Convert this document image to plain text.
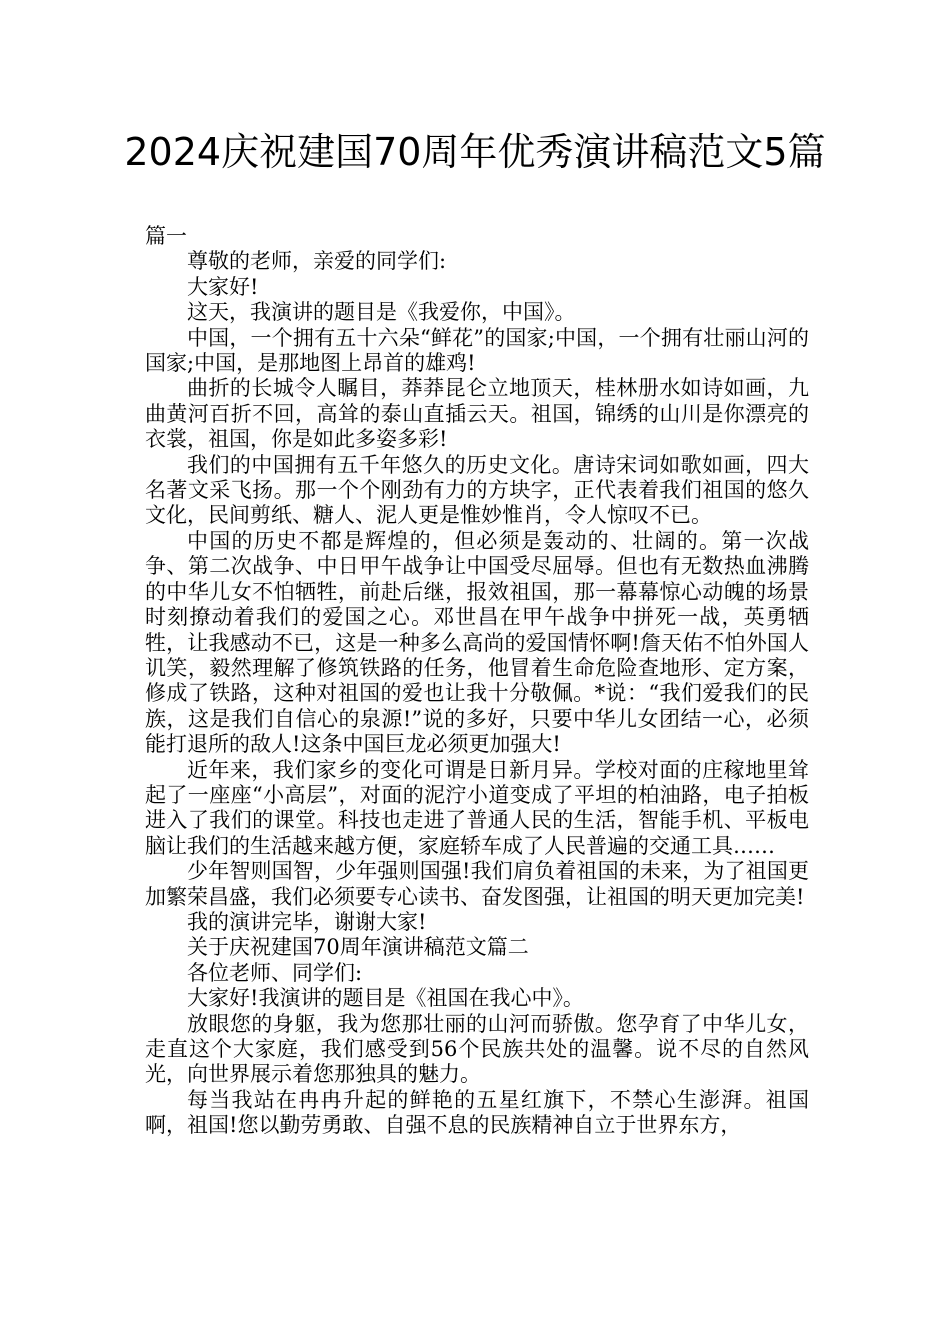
2024庆祝建国70周年优秀演讲稿范文5篇

篇一

尊敬的老师，亲爱的同学们:

大家好!

这天，我演讲的题目是《我爱你，中国》。

中国，一个拥有五十六朵“鲜花”的国家;中国，一个拥有壮丽山河的国家;中国，是那地图上昂首的雄鸡!

曲折的长城令人瞩目，莽莽昆仑立地顶天，桂林册水如诗如画，九曲黄河百折不回，高耸的泰山直插云天。祖国，锦绣的山川是你漂亮的衣裳，祖国，你是如此多姿多彩!

我们的中国拥有五千年悠久的历史文化。唐诗宋词如歌如画，四大名著文采飞扬。那一个个刚劲有力的方块字，正代表着我们祖国的悠久文化，民间剪纸、糖人、泥人更是惟妙惟肖，令人惊叹不已。

中国的历史不都是辉煌的，但必须是轰动的、壮阔的。第一次战争、第二次战争、中日甲午战争让中国受尽屈辱。但也有无数热血沸腾的中华儿女不怕牺牲，前赴后继，报效祖国，那一幕幕惊心动魄的场景时刻撩动着我们的爱国之心。邓世昌在甲午战争中拼死一战，英勇牺牲，让我感动不已，这是一种多么高尚的爱国情怀啊!詹天佑不怕外国人讥笑，毅然理解了修筑铁路的任务，他冒着生命危险查地形、定方案，修成了铁路，这种对祖国的爱也让我十分敬佩。*说：“我们爱我们的民族，这是我们自信心的泉源!”说的多好，只要中华儿女团结一心，必须能打退所的敌人!这条中国巨龙必须更加强大!

近年来，我们家乡的变化可谓是日新月异。学校对面的庄稼地里耸起了一座座“小高层”，对面的泥泞小道变成了平坦的柏油路，电子拍板进入了我们的课堂。科技也走进了普通人民的生活，智能手机、平板电脑让我们的生活越来越方便，家庭轿车成了人民普遍的交通工具……

少年智则国智，少年强则国强!我们肩负着祖国的未来，为了祖国更加繁荣昌盛，我们必须要专心读书、奋发图强，让祖国的明天更加完美!

我的演讲完毕，谢谢大家!

关于庆祝建国70周年演讲稿范文篇二

各位老师、同学们:

大家好!我演讲的题目是《祖国在我心中》。

放眼您的身躯，我为您那壮丽的山河而骄傲。您孕育了中华儿女，走直这个大家庭，我们感受到56个民族共处的温馨。说不尽的自然风光，向世界展示着您那独具的魅力。

每当我站在冉冉升起的鲜艳的五星红旗下，不禁心生澎湃。祖国啊，祖国!您以勤劳勇敢、自强不息的民族精神自立于世界东方，
